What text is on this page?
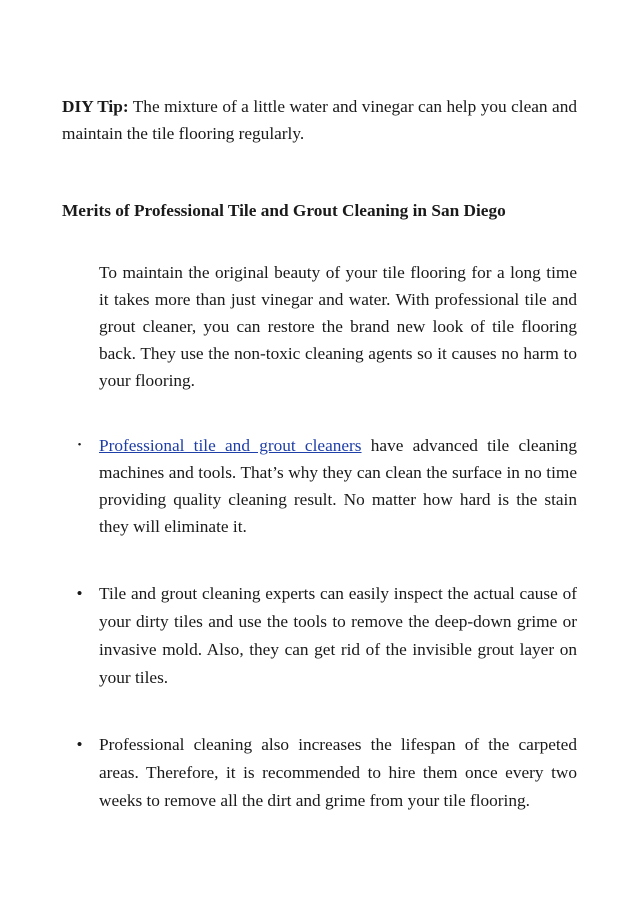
DIY Tip: The mixture of a little water and vinegar can help you clean and maintain the tile flooring regularly.

Merits of Professional Tile and Grout Cleaning in San Diego

To maintain the original beauty of your tile flooring for a long time it takes more than just vinegar and water. With professional tile and grout cleaner, you can restore the brand new look of tile flooring back. They use the non-toxic cleaning agents so it causes no harm to your flooring.

•	Professional tile and grout cleaners have advanced tile cleaning machines and tools. That’s why they can clean the surface in no time providing quality cleaning result. No matter how hard is the stain they will eliminate it.

• Tile and grout cleaning experts can easily inspect the actual cause of your dirty tiles and use the tools to remove the deep-down grime or invasive mold. Also, they can get rid of the invisible grout layer on your tiles.

• Professional cleaning also increases the lifespan of the carpeted areas. Therefore, it is recommended to hire them once every two weeks to remove all the dirt and grime from your tile flooring.
